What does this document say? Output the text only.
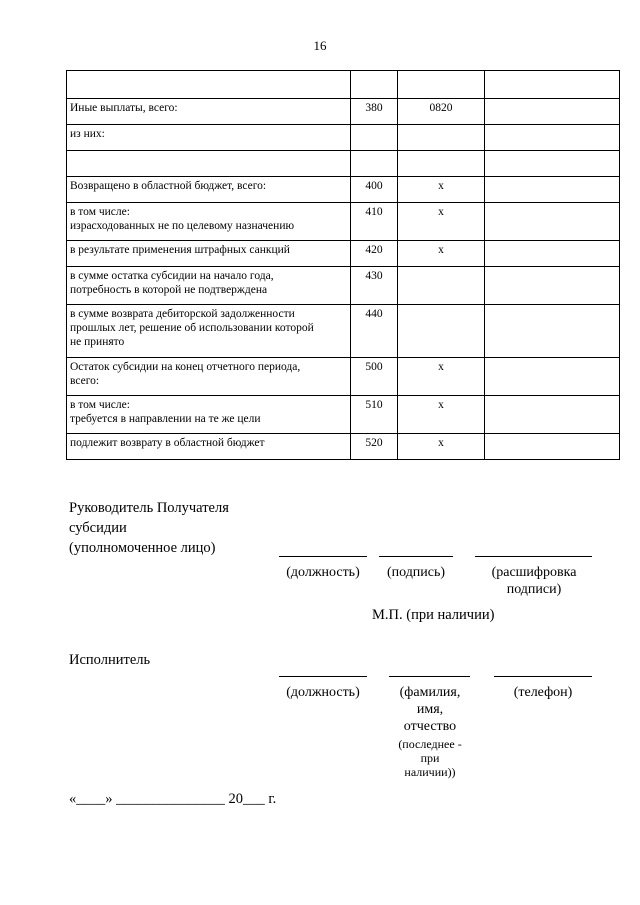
16

Иные выплаты, всего:	380	0820	

из них:			

Возвращено в областной бюджет, всего:	400	x	

в том числе:
израсходованных не по целевому назначению	410	x	

в результате применения штрафных санкций	420	x	

в сумме остатка субсидии на начало года,
потребность в которой не подтверждена	430		

в сумме возврата дебиторской задолженности
прошлых лет, решение об использовании которой
не принято	440		

Остаток субсидии на конец отчетного периода,
всего:	500	x	

в том числе:
требуется в направлении на те же цели	510	x	

подлежит возврату в областной бюджет	520	x	
Руководитель Получателя
субсидии
(уполномоченное лицо)
(должность)	(подпись)	(расшифровка
подписи)
М.П. (при наличии)
Исполнитель
(должность)	(фамилия,
имя,
отчество
(последнее -
при
наличии))
(телефон)
«____» _______________ 20___ г.
